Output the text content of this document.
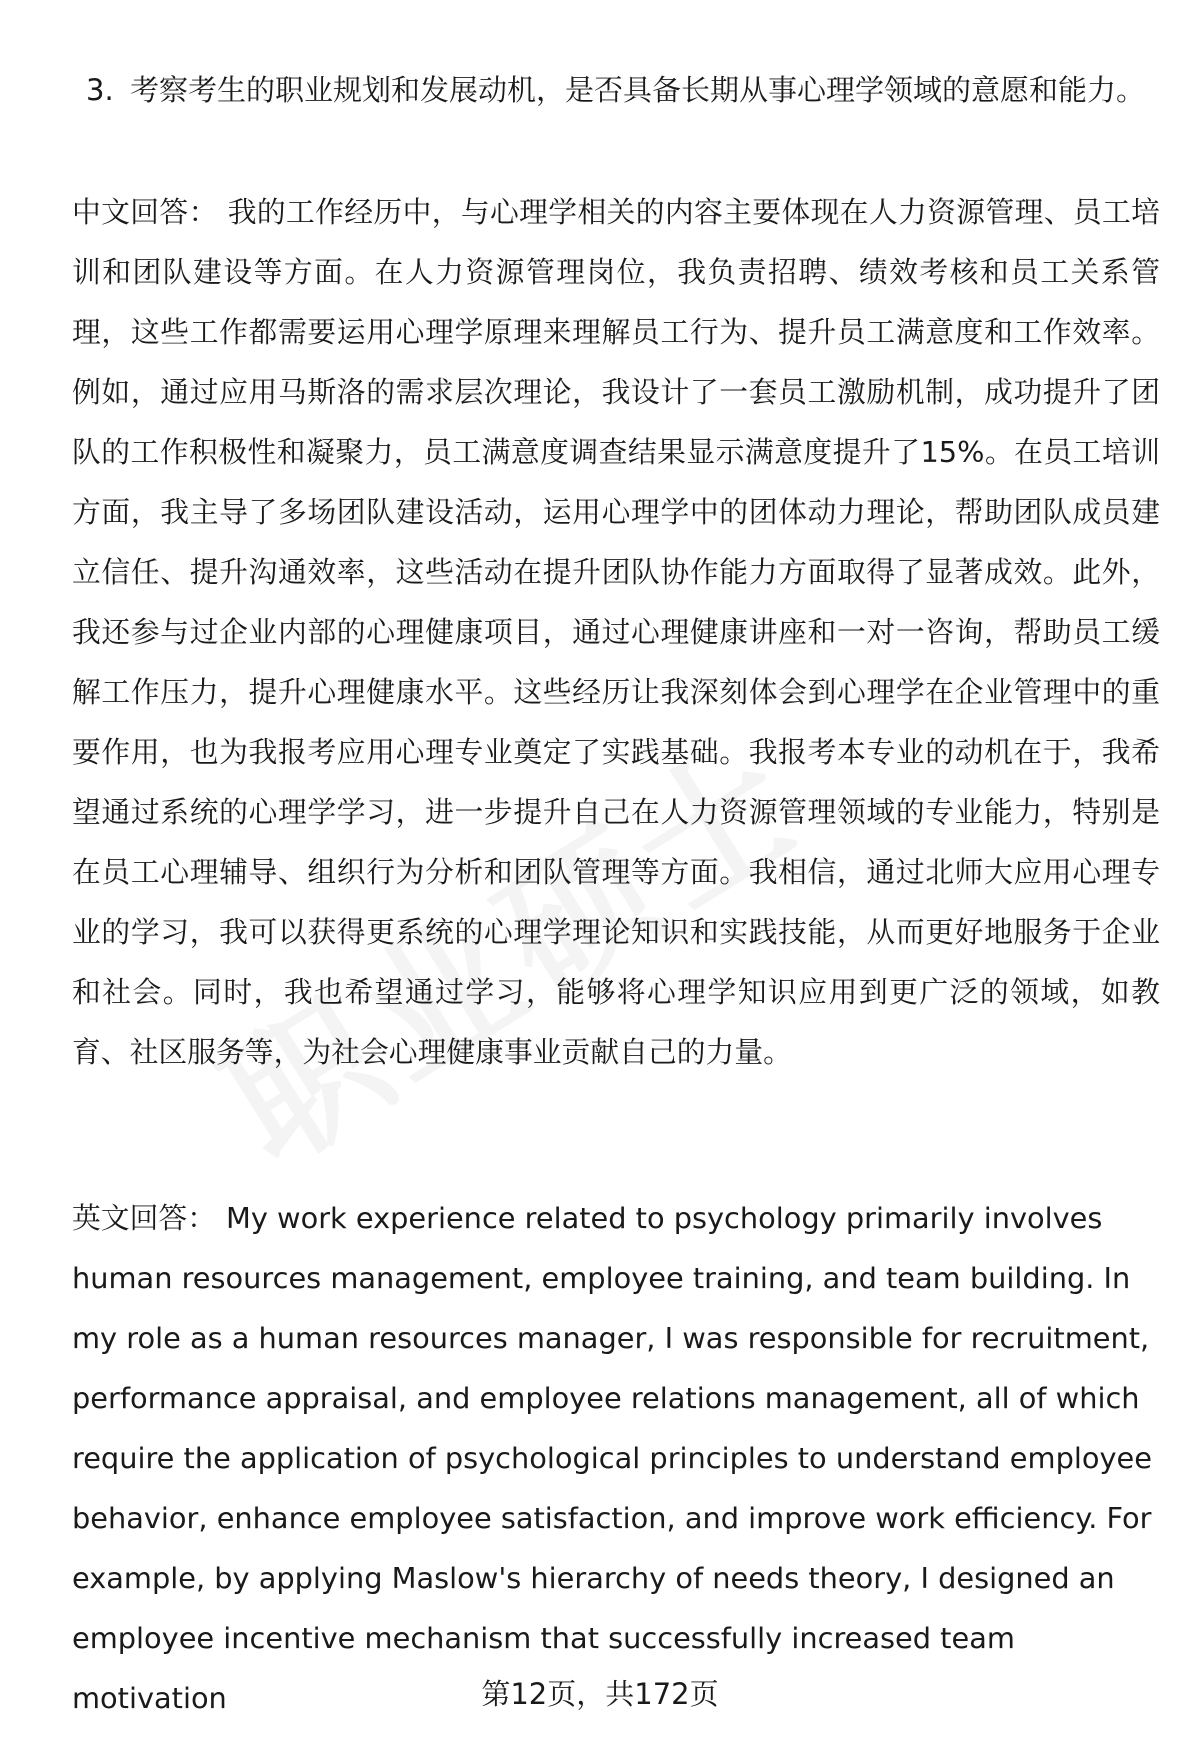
3. 考察考生的职业规划和发展动机，是否具备长期从事心理学领域的意愿和能力。
中文回答： 我的工作经历中，与心理学相关的内容主要体现在人力资源管理、员工培训和团队建设等方面。在人力资源管理岗位，我负责招聘、绩效考核和员工关系管理，这些工作都需要运用心理学原理来理解员工行为、提升员工满意度和工作效率。例如，通过应用马斯洛的需求层次理论，我设计了一套员工激励机制，成功提升了团队的工作积极性和凝聚力，员工满意度调查结果显示满意度提升了15%。在员工培训方面，我主导了多场团队建设活动，运用心理学中的团体动力理论，帮助团队成员建立信任、提升沟通效率，这些活动在提升团队协作能力方面取得了显著成效。此外，我还参与过企业内部的心理健康项目，通过心理健康讲座和一对一咨询，帮助员工缓解工作压力，提升心理健康水平。这些经历让我深刻体会到心理学在企业管理中的重要作用，也为我报考应用心理专业奠定了实践基础。我报考本专业的动机在于，我希望通过系统的心理学学习，进一步提升自己在人力资源管理领域的专业能力，特别是在员工心理辅导、组织行为分析和团队管理等方面。我相信，通过北师大应用心理专业的学习，我可以获得更系统的心理学理论知识和实践技能，从而更好地服务于企业和社会。同时，我也希望通过学习，能够将心理学知识应用到更广泛的领域，如教育、社区服务等，为社会心理健康事业贡献自己的力量。
英文回答： My work experience related to psychology primarily involves human resources management, employee training, and team building. In my role as a human resources manager, I was responsible for recruitment, performance appraisal, and employee relations management, all of which require the application of psychological principles to understand employee behavior, enhance employee satisfaction, and improve work efficiency. For example, by applying Maslow's hierarchy of needs theory, I designed an employee incentive mechanism that successfully increased team motivation	第12页，共172页
